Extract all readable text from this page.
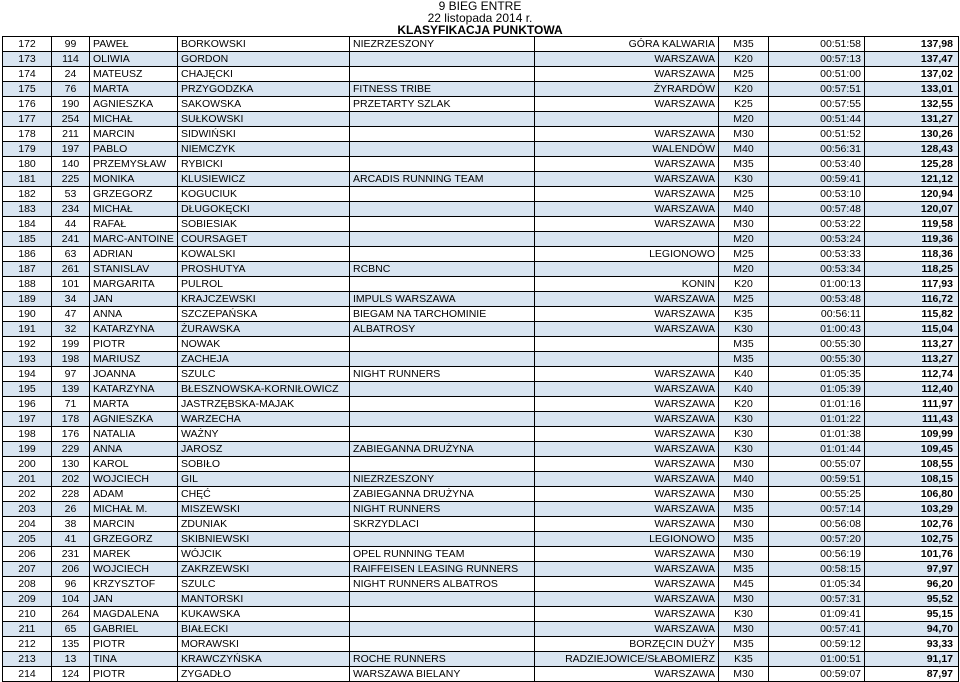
9 BIEG ENTRE
22 listopada 2014 r.
KLASYFIKACJA PUNKTOWA
172	99	PAWEŁ	BORKOWSKI	NIEZRZESZONY	GÓRA KALWARIA	M35	00:51:58	137,98
173	114	OLIWIA	GORDON		WARSZAWA	K20	00:57:13	137,47
174	24	MATEUSZ	CHAJĘCKI		WARSZAWA	M25	00:51:00	137,02
175	76	MARTA	PRZYGODZKA	FITNESS TRIBE	ŻYRARDÓW	K20	00:57:51	133,01
176	190	AGNIESZKA	SAKOWSKA	PRZETARTY SZLAK	WARSZAWA	K25	00:57:55	132,55
177	254	MICHAŁ	SUŁKOWSKI			M20	00:51:44	131,27
178	211	MARCIN	SIDWIŃSKI		WARSZAWA	M30	00:51:52	130,26
179	197	PABLO	NIEMCZYK		WALENDÓW	M40	00:56:31	128,43
180	140	PRZEMYSŁAW	RYBICKI		WARSZAWA	M35	00:53:40	125,28
181	225	MONIKA	KLUSIEWICZ	ARCADIS RUNNING TEAM	WARSZAWA	K30	00:59:41	121,12
182	53	GRZEGORZ	KOGUCIUK		WARSZAWA	M25	00:53:10	120,94
183	234	MICHAŁ	DŁUGOKĘCKI		WARSZAWA	M40	00:57:48	120,07
184	44	RAFAŁ	SOBIESIAK		WARSZAWA	M30	00:53:22	119,58
185	241	MARC-ANTOINE	COURSAGET			M20	00:53:24	119,36
186	63	ADRIAN	KOWALSKI		LEGIONOWO	M25	00:53:33	118,36
187	261	STANISLAV	PROSHUTYA	RCBNC		M20	00:53:34	118,25
188	101	MARGARITA	PULROL		KONIN	K20	01:00:13	117,93
189	34	JAN	KRAJCZEWSKI	IMPULS WARSZAWA	WARSZAWA	M25	00:53:48	116,72
190	47	ANNA	SZCZEPAŃSKA	BIEGAM NA TARCHOMINIE	WARSZAWA	K35	00:56:11	115,82
191	32	KATARZYNA	ŻURAWSKA	ALBATROSY	WARSZAWA	K30	01:00:43	115,04
192	199	PIOTR	NOWAK			M35	00:55:30	113,27
193	198	MARIUSZ	ZACHEJA			M35	00:55:30	113,27
194	97	JOANNA	SZULC	NIGHT RUNNERS	WARSZAWA	K40	01:05:35	112,74
195	139	KATARZYNA	BŁESZNOWSKA-KORNIŁOWICZ		WARSZAWA	K40	01:05:39	112,40
196	71	MARTA	JASTRZĘBSKA-MAJAK		WARSZAWA	K20	01:01:16	111,97
197	178	AGNIESZKA	WARZECHA		WARSZAWA	K30	01:01:22	111,43
198	176	NATALIA	WAŻNY		WARSZAWA	K30	01:01:38	109,99
199	229	ANNA	JAROSZ	ZABIEGANNA DRUŻYNA	WARSZAWA	K30	01:01:44	109,45
200	130	KAROL	SOBIŁO		WARSZAWA	M30	00:55:07	108,55
201	202	WOJCIECH	GIL	NIEZRZESZONY	WARSZAWA	M40	00:59:51	108,15
202	228	ADAM	CHĘĆ	ZABIEGANNA DRUŻYNA	WARSZAWA	M30	00:55:25	106,80
203	26	MICHAŁ M.	MISZEWSKI	NIGHT RUNNERS	WARSZAWA	M35	00:57:14	103,29
204	38	MARCIN	ZDUNIAK	SKRZYDLACI	WARSZAWA	M30	00:56:08	102,76
205	41	GRZEGORZ	SKIBNIEWSKI		LEGIONOWO	M35	00:57:20	102,75
206	231	MAREK	WÓJCIK	OPEL RUNNING TEAM	WARSZAWA	M30	00:56:19	101,76
207	206	WOJCIECH	ZAKRZEWSKI	RAIFFEISEN LEASING RUNNERS	WARSZAWA	M35	00:58:15	97,97
208	96	KRZYSZTOF	SZULC	NIGHT RUNNERS ALBATROS	WARSZAWA	M45	01:05:34	96,20
209	104	JAN	MANTORSKI		WARSZAWA	M30	00:57:31	95,52
210	264	MAGDALENA	KUKAWSKA		WARSZAWA	K30	01:09:41	95,15
211	65	GABRIEL	BIAŁECKI		WARSZAWA	M30	00:57:41	94,70
212	135	PIOTR	MORAWSKI		BORZĘCIN DUŻY	M35	00:59:12	93,33
213	13	TINA	KRAWCZYŃSKA	ROCHE RUNNERS	RADZIEJOWICE/SŁABOMIERZ	K35	01:00:51	91,17
214	124	PIOTR	ZYGADŁO	WARSZAWA BIELANY	WARSZAWA	M30	00:59:07	87,97
